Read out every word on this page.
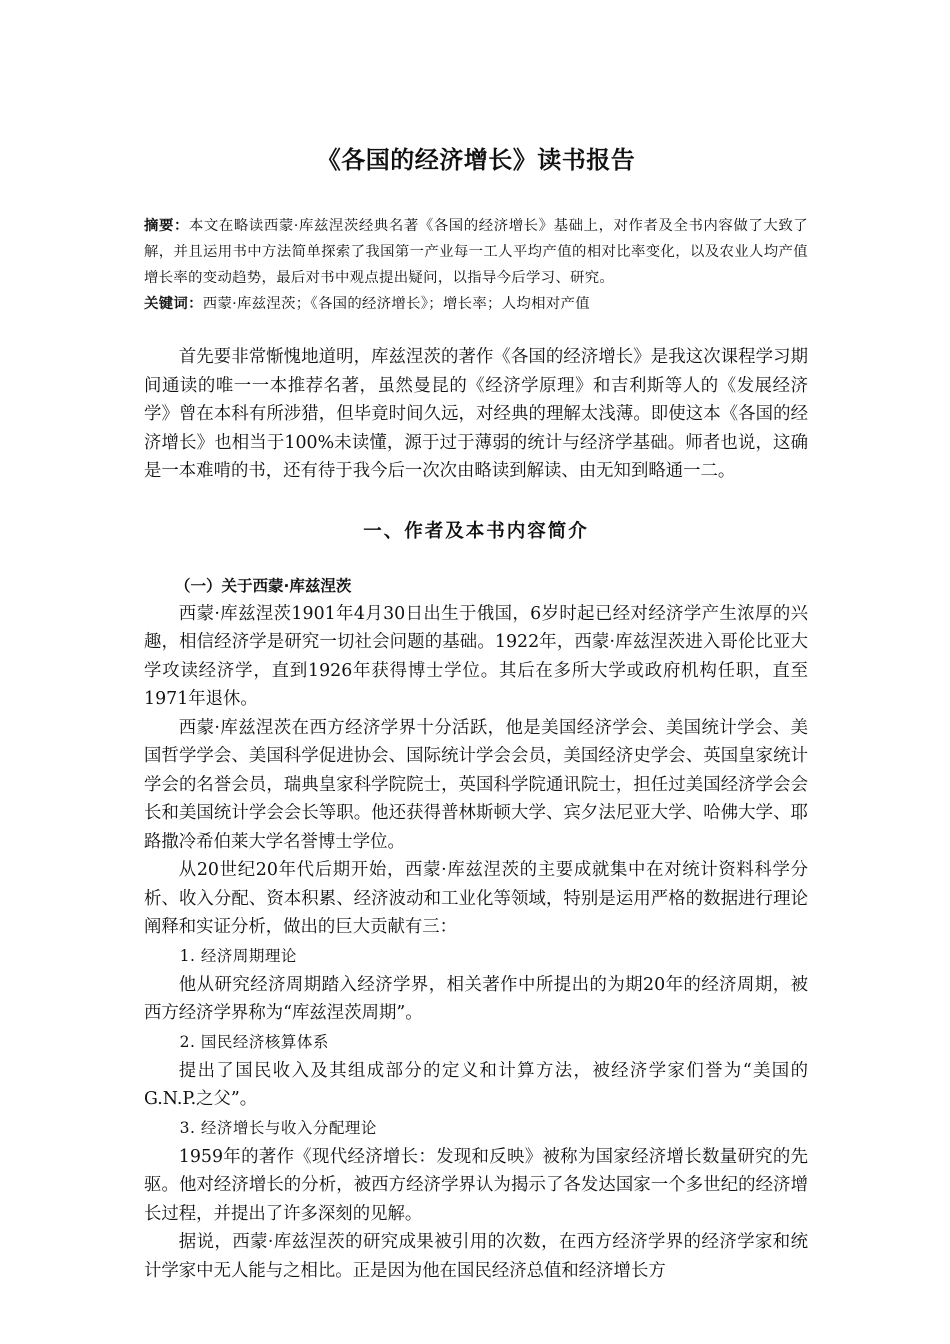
《各国的经济增长》读书报告

摘要：本文在略读西蒙·库兹涅茨经典名著《各国的经济增长》基础上，对作者及全书内容做了大致了解，并且运用书中方法简单探索了我国第一产业每一工人平均产值的相对比率变化，以及农业人均产值增长率的变动趋势，最后对书中观点提出疑问，以指导今后学习、研究。

关键词：西蒙·库兹涅茨；《各国的经济增长》；增长率；人均相对产值

首先要非常惭愧地道明，库兹涅茨的著作《各国的经济增长》是我这次课程学习期间通读的唯一一本推荐名著，虽然曼昆的《经济学原理》和吉利斯等人的《发展经济学》曾在本科有所涉猎，但毕竟时间久远，对经典的理解太浅薄。即使这本《各国的经济增长》也相当于100%未读懂，源于过于薄弱的统计与经济学基础。师者也说，这确是一本难啃的书，还有待于我今后一次次由略读到解读、由无知到略通一二。

一、作者及本书内容简介
（一）关于西蒙·库兹涅茨

西蒙·库兹涅茨1901年4月30日出生于俄国，6岁时起已经对经济学产生浓厚的兴趣，相信经济学是研究一切社会问题的基础。1922年，西蒙·库兹涅茨进入哥伦比亚大学攻读经济学，直到1926年获得博士学位。其后在多所大学或政府机构任职，直至1971年退休。

西蒙·库兹涅茨在西方经济学界十分活跃，他是美国经济学会、美国统计学会、美国哲学学会、美国科学促进协会、国际统计学会会员，美国经济史学会、英国皇家统计学会的名誉会员，瑞典皇家科学院院士，英国科学院通讯院士，担任过美国经济学会会长和美国统计学会会长等职。他还获得普林斯顿大学、宾夕法尼亚大学、哈佛大学、耶路撒冷希伯莱大学名誉博士学位。

从20世纪20年代后期开始，西蒙·库兹涅茨的主要成就集中在对统计资料科学分析、收入分配、资本积累、经济波动和工业化等领域，特别是运用严格的数据进行理论阐释和实证分析，做出的巨大贡献有三：

1. 经济周期理论

他从研究经济周期踏入经济学界，相关著作中所提出的为期20年的经济周期，被西方经济学界称为“库兹涅茨周期”。

2. 国民经济核算体系

提出了国民收入及其组成部分的定义和计算方法，被经济学家们誉为“美国的G.N.P.之父”。

3. 经济增长与收入分配理论

1959年的著作《现代经济增长：发现和反映》被称为国家经济增长数量研究的先驱。他对经济增长的分析，被西方经济学界认为揭示了各发达国家一个多世纪的经济增长过程，并提出了许多深刻的见解。

据说，西蒙·库兹涅茨的研究成果被引用的次数，在西方经济学界的经济学家和统计学家中无人能与之相比。正是因为他在国民经济总值和经济增长方
